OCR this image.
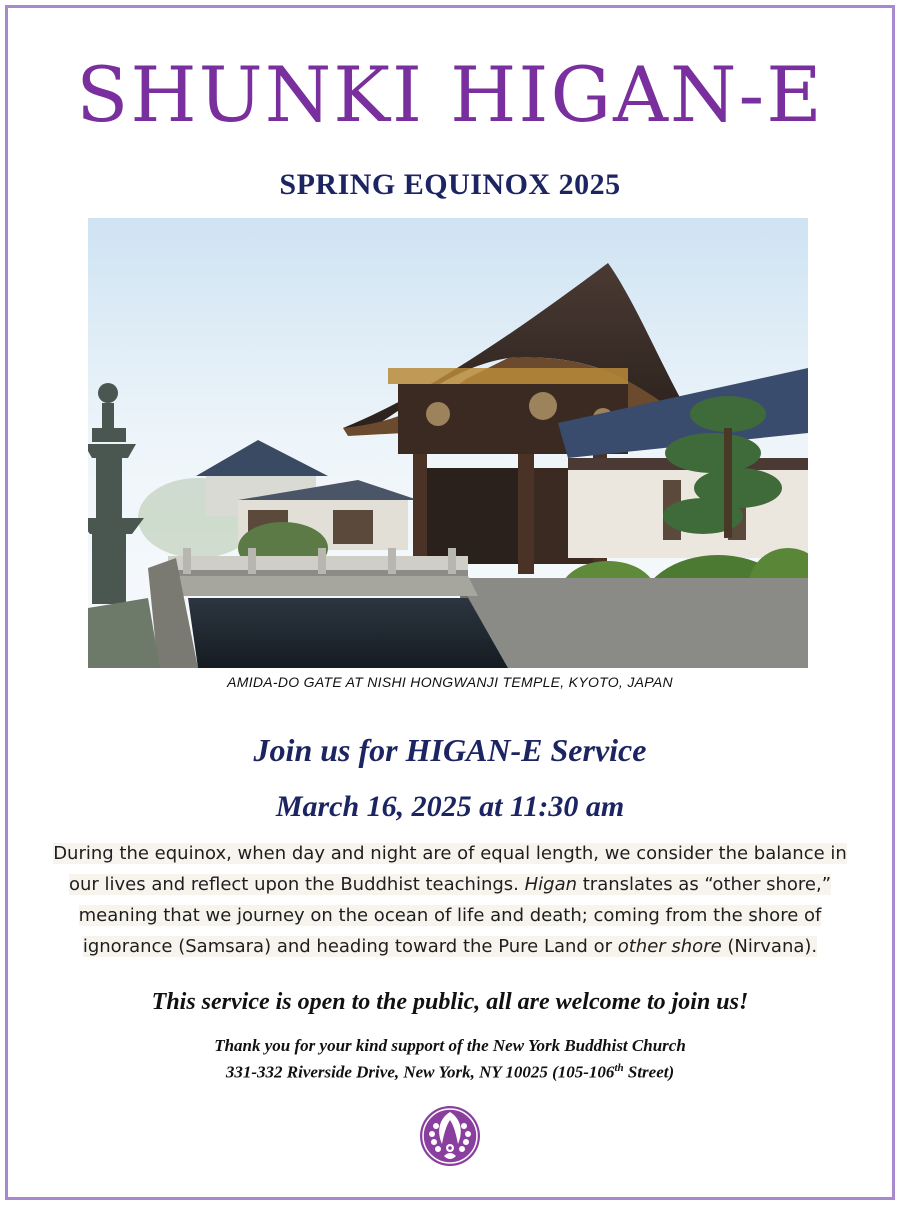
SHUNKI HIGAN-E
SPRING EQUINOX 2025
AMIDA-DO GATE AT NISHI HONGWANJI TEMPLE, KYOTO, JAPAN
Join us for HIGAN-E Service
March 16, 2025 at 11:30 am
During the equinox, when day and night are of equal length, we consider the balance in
our lives and reflect upon the Buddhist teachings. Higan translates as “other shore,”
meaning that we journey on the ocean of life and death; coming from the shore of
ignorance (Samsara) and heading toward the Pure Land or other shore (Nirvana).
This service is open to the public, all are welcome to join us!
Thank you for your kind support of the New York Buddhist Church
331-332 Riverside Drive, New York, NY 10025 (105-106th Street)
